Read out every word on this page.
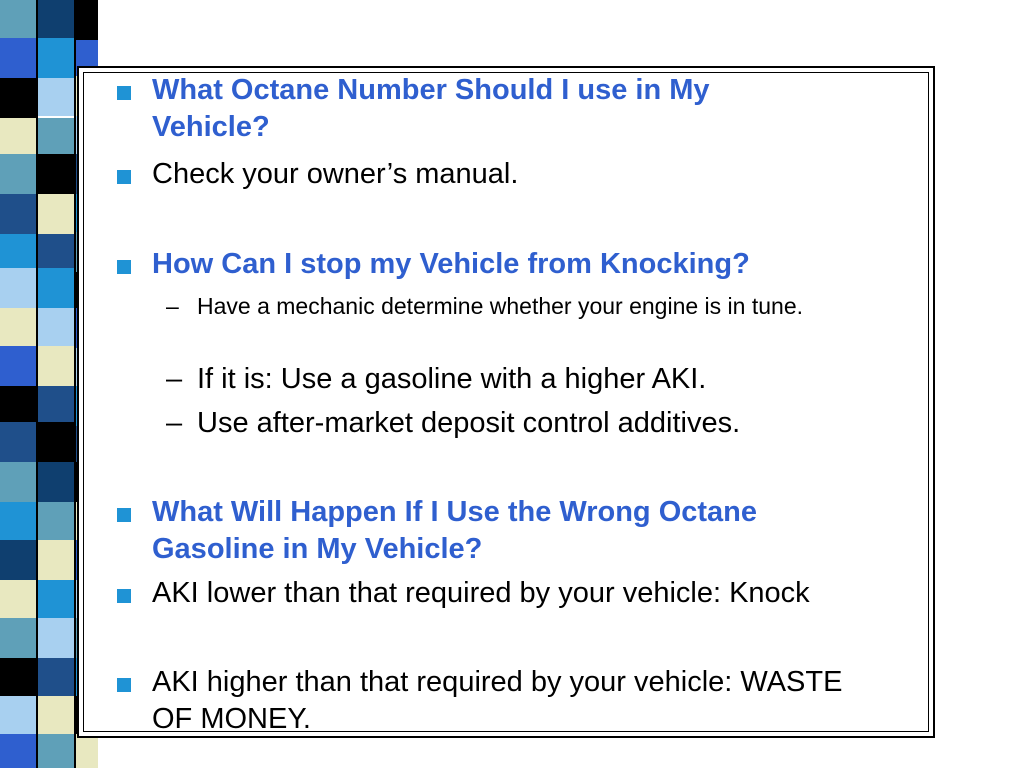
What Octane Number Should I use in My Vehicle?
Check your owner’s manual.
How Can I stop my Vehicle from Knocking?
– Have a mechanic determine whether your engine is in tune.
– If it is: Use a gasoline with a higher AKI.
– Use after-market deposit control additives.
What Will Happen If I Use the Wrong Octane Gasoline in My Vehicle?
AKI lower than that required by your vehicle: Knock
AKI higher than that required by your vehicle: WASTE OF MONEY.
